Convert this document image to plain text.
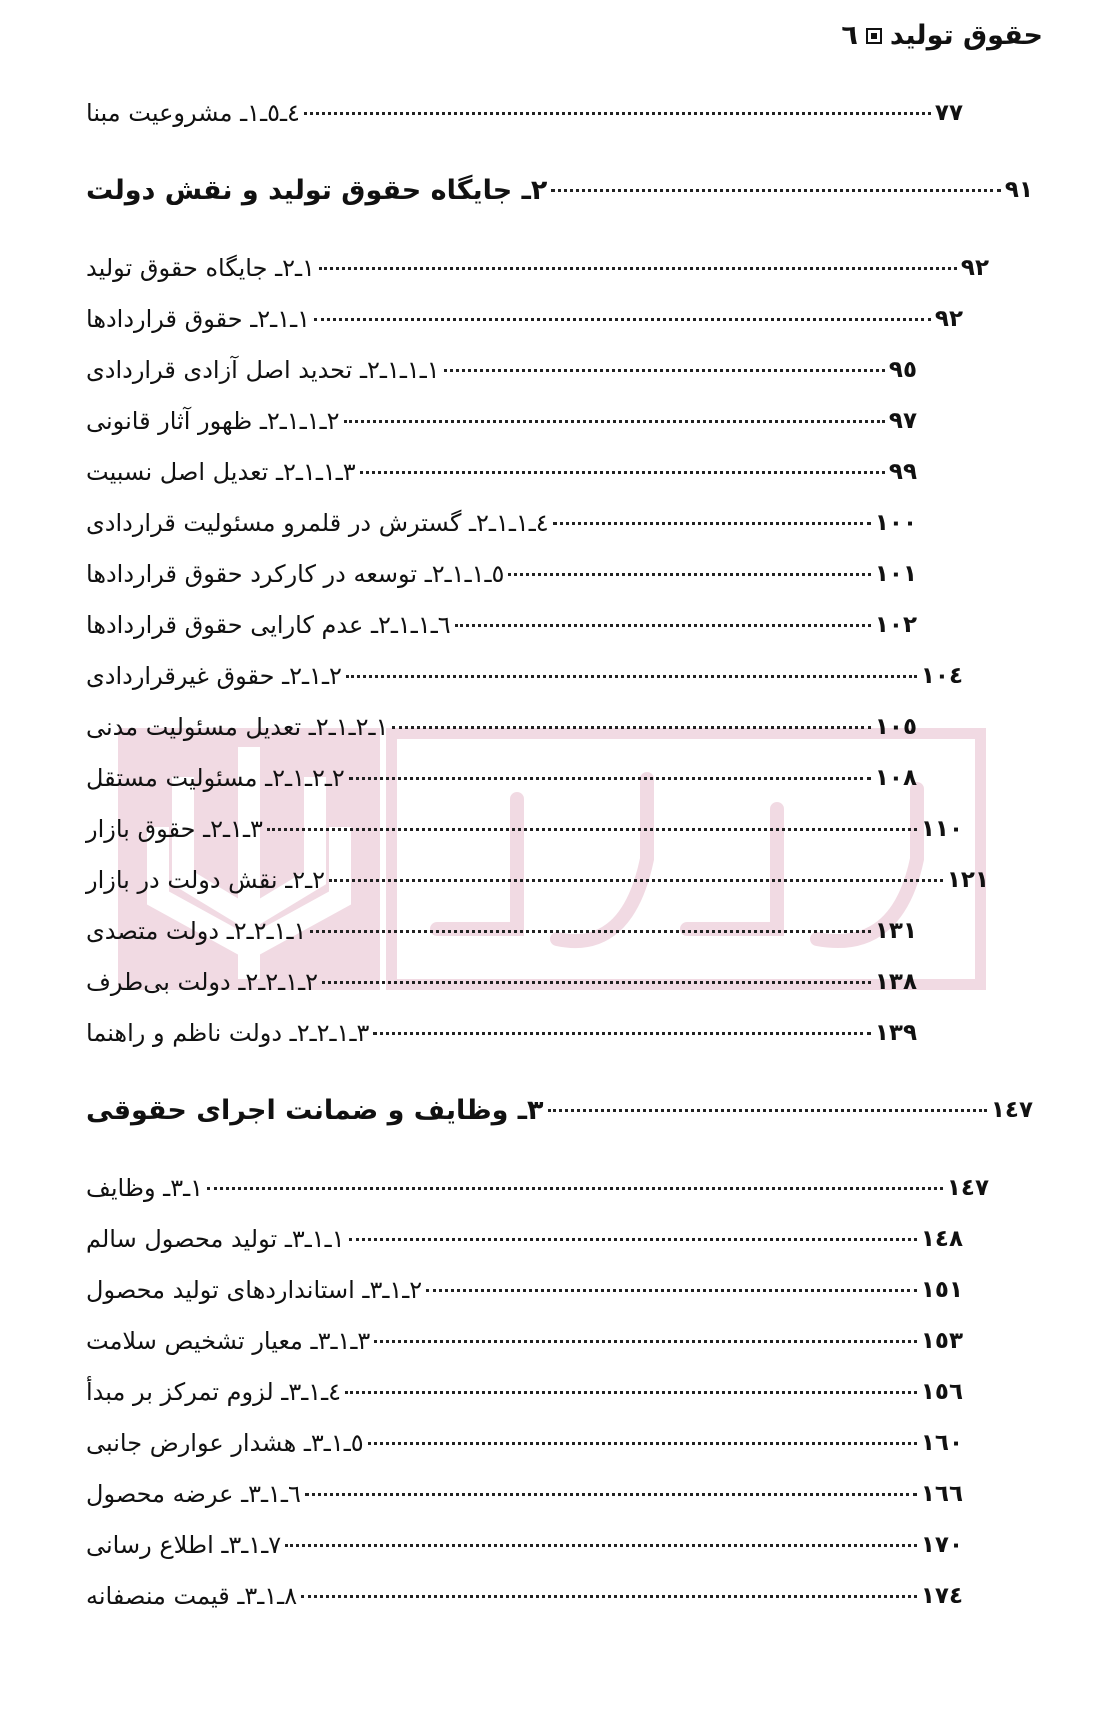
٦ حقوق تولید
٤ـ٥ـ١ـ مشروعیت مبنا	٧٧
٢ـ جایگاه حقوق تولید و نقش دولت	٩١
١ـ٢ـ جایگاه حقوق تولید	٩٢
١ـ١ـ٢ـ حقوق قراردادها	٩٢
١ـ١ـ١ـ٢ـ تحدید اصل آزادی قراردادی	٩٥
٢ـ١ـ١ـ٢ـ ظهور آثار قانونی	٩٧
٣ـ١ـ١ـ٢ـ تعدیل اصل نسبیت	٩٩
٤ـ١ـ١ـ٢ـ گسترش در قلمرو مسئولیت قراردادی	١٠٠
٥ـ١ـ١ـ٢ـ توسعه در کارکرد حقوق قراردادها	١٠١
٦ـ١ـ١ـ٢ـ عدم کارایی حقوق قراردادها	١٠٢
٢ـ١ـ٢ـ حقوق غیرقراردادی	١٠٤
١ـ٢ـ١ـ٢ـ تعدیل مسئولیت مدنی	١٠٥
٢ـ٢ـ١ـ٢ـ مسئولیت مستقل	١٠٨
٣ـ١ـ٢ـ حقوق بازار	١١٠
٢ـ٢ـ نقش دولت در بازار	١٢١
١ـ١ـ٢ـ٢ـ دولت متصدی	١٣١
٢ـ١ـ٢ـ٢ـ دولت بی‌طرف	١٣٨
٣ـ١ـ٢ـ٢ـ دولت ناظم و راهنما	١٣٩
٣ـ وظایف و ضمانت اجرای حقوقی	١٤٧
١ـ٣ـ وظایف	١٤٧
١ـ١ـ٣ـ تولید محصول سالم	١٤٨
٢ـ١ـ٣ـ استانداردهای تولید محصول	١٥١
٣ـ١ـ٣ـ معیار تشخیص سلامت	١٥٣
٤ـ١ـ٣ـ لزوم تمرکز بر مبدأ	١٥٦
٥ـ١ـ٣ـ هشدار عوارض جانبی	١٦٠
٦ـ١ـ٣ـ عرضه محصول	١٦٦
٧ـ١ـ٣ـ اطلاع رسانی	١٧٠
٨ـ١ـ٣ـ قیمت منصفانه	١٧٤
